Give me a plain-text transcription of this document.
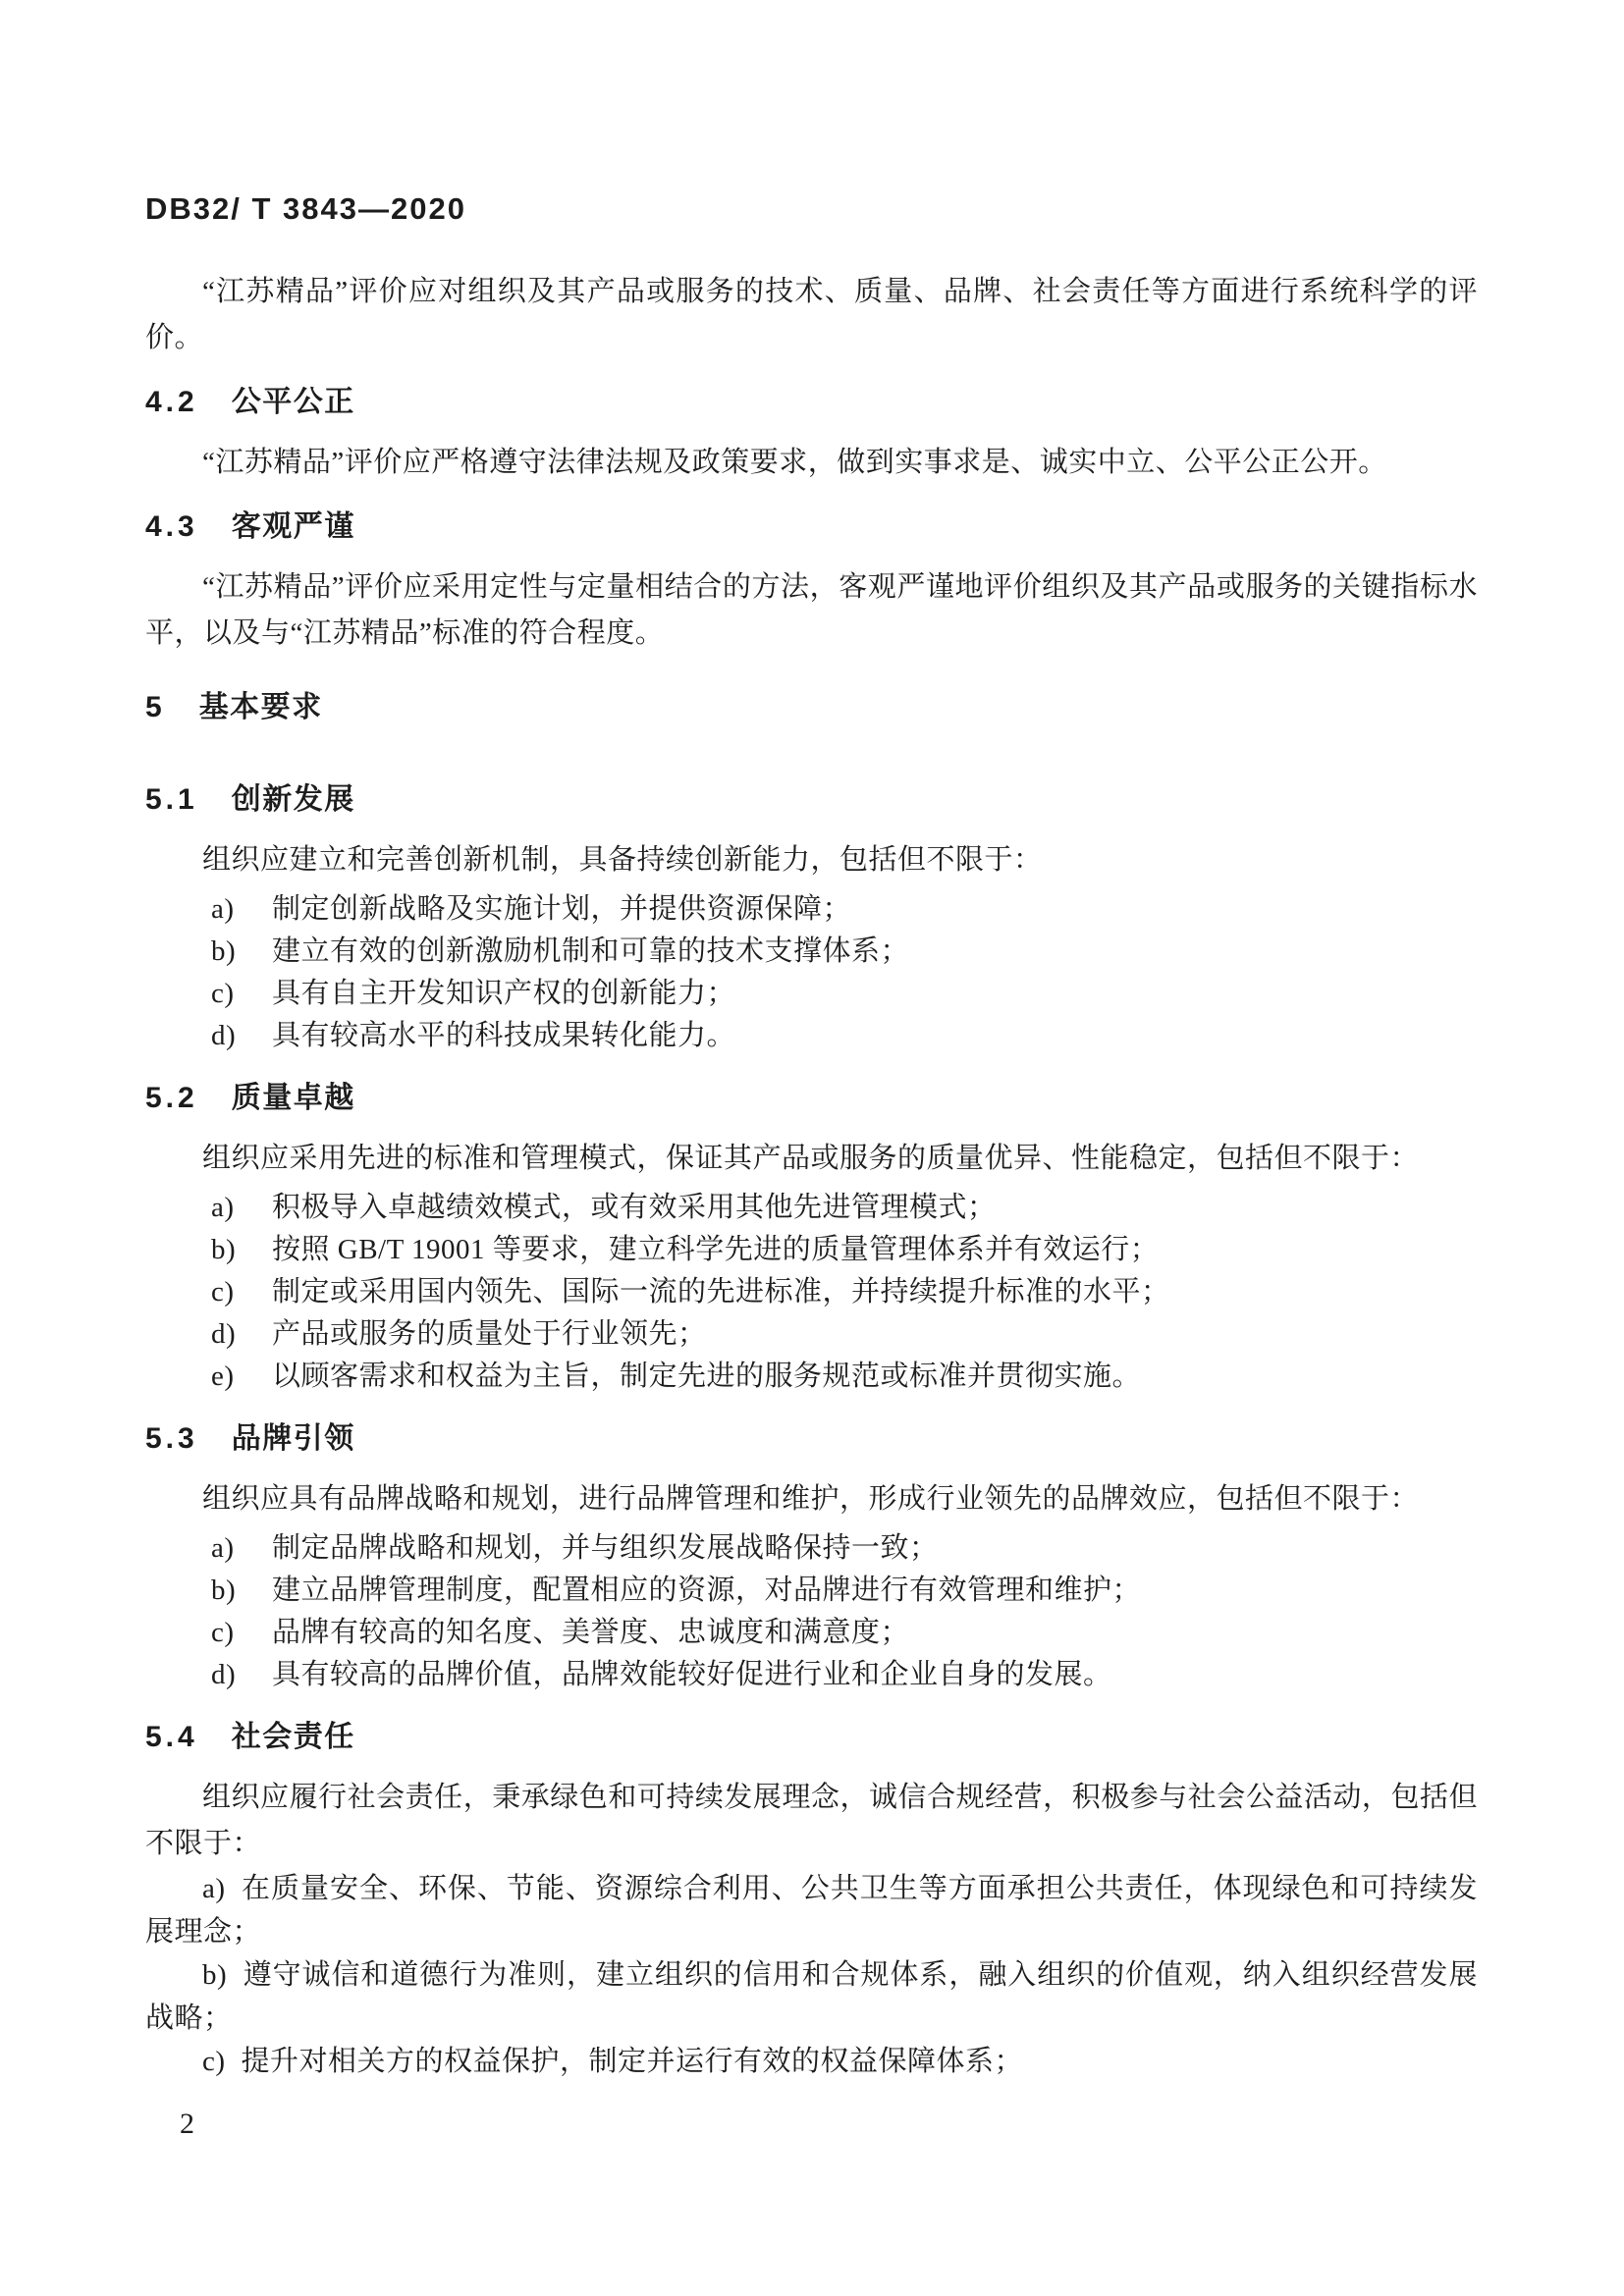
DB32/ T 3843—2020

“江苏精品”评价应对组织及其产品或服务的技术、质量、品牌、社会责任等方面进行系统科学的评价。

4.2 公平公正

“江苏精品”评价应严格遵守法律法规及政策要求，做到实事求是、诚实中立、公平公正公开。

4.3 客观严谨

“江苏精品”评价应采用定性与定量相结合的方法，客观严谨地评价组织及其产品或服务的关键指标水平，以及与“江苏精品”标准的符合程度。

5 基本要求
5.1 创新发展

组织应建立和完善创新机制，具备持续创新能力，包括但不限于：

a) 制定创新战略及实施计划，并提供资源保障；
b) 建立有效的创新激励机制和可靠的技术支撑体系；
c) 具有自主开发知识产权的创新能力；
d) 具有较高水平的科技成果转化能力。
5.2 质量卓越

组织应采用先进的标准和管理模式，保证其产品或服务的质量优异、性能稳定，包括但不限于：

a) 积极导入卓越绩效模式，或有效采用其他先进管理模式；
b) 按照 GB/T 19001 等要求，建立科学先进的质量管理体系并有效运行；
c) 制定或采用国内领先、国际一流的先进标准，并持续提升标准的水平；
d) 产品或服务的质量处于行业领先；
e) 以顾客需求和权益为主旨，制定先进的服务规范或标准并贯彻实施。
5.3 品牌引领

组织应具有品牌战略和规划，进行品牌管理和维护，形成行业领先的品牌效应，包括但不限于：

a) 制定品牌战略和规划，并与组织发展战略保持一致；
b) 建立品牌管理制度，配置相应的资源，对品牌进行有效管理和维护；
c) 品牌有较高的知名度、美誉度、忠诚度和满意度；
d) 具有较高的品牌价值，品牌效能较好促进行业和企业自身的发展。
5.4 社会责任

组织应履行社会责任，秉承绿色和可持续发展理念，诚信合规经营，积极参与社会公益活动，包括但不限于：

a) 在质量安全、环保、节能、资源综合利用、公共卫生等方面承担公共责任，体现绿色和可持续发展理念；

b) 遵守诚信和道德行为准则，建立组织的信用和合规体系，融入组织的价值观，纳入组织经营发展战略；

c) 提升对相关方的权益保护，制定并运行有效的权益保障体系；

2
